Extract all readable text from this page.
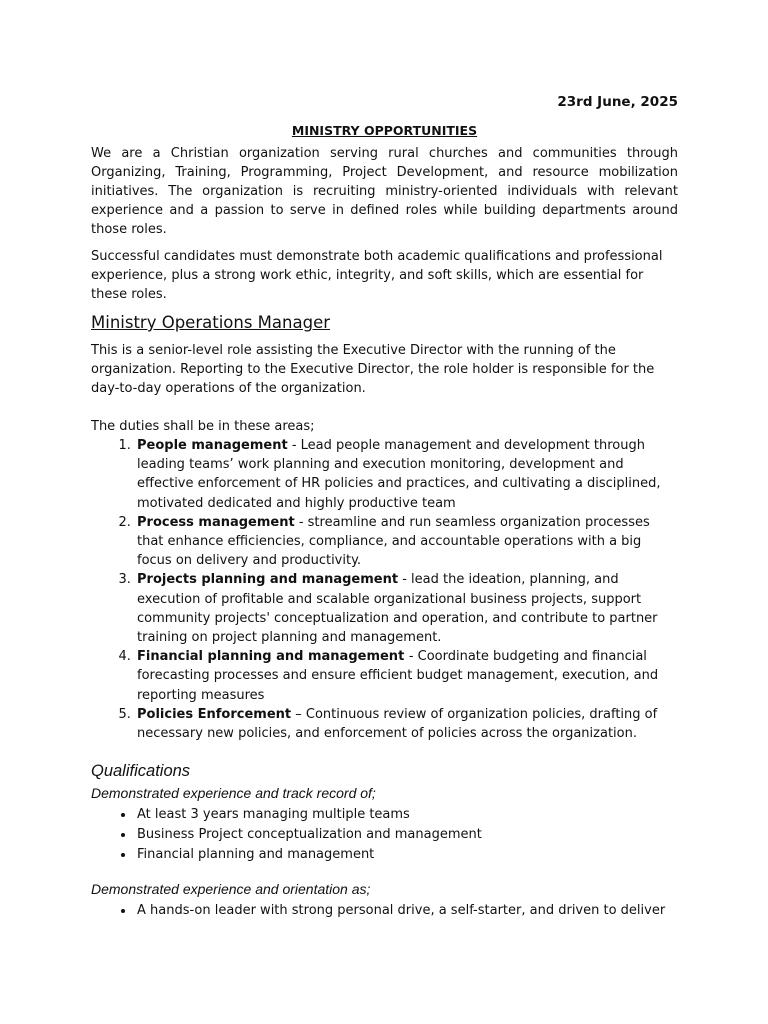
23rd June, 2025
MINISTRY OPPORTUNITIES

We are a Christian organization serving rural churches and communities through Organizing, Training, Programming, Project Development, and resource mobilization initiatives. The organization is recruiting ministry-oriented individuals with relevant experience and a passion to serve in defined roles while building departments around those roles.

Successful candidates must demonstrate both academic qualifications and professional experience, plus a strong work ethic, integrity, and soft skills, which are essential for these roles.

Ministry Operations Manager

This is a senior-level role assisting the Executive Director with the running of the organization. Reporting to the Executive Director, the role holder is responsible for the day-to-day operations of the organization.

The duties shall be in these areas;

1. People management - Lead people management and development through leading teams’ work planning and execution monitoring, development and effective enforcement of HR policies and practices, and cultivating a disciplined, motivated dedicated and highly productive team
2. Process management - streamline and run seamless organization processes that enhance efficiencies, compliance, and accountable operations with a big focus on delivery and productivity.
3. Projects planning and management - lead the ideation, planning, and execution of profitable and scalable organizational business projects, support community projects' conceptualization and operation, and contribute to partner training on project planning and management.
4. Financial planning and management - Coordinate budgeting and financial forecasting processes and ensure efficient budget management, execution, and reporting measures
5. Policies Enforcement – Continuous review of organization policies, drafting of necessary new policies, and enforcement of policies across the organization.
Qualifications
Demonstrated experience and track record of;
• At least 3 years managing multiple teams
• Business Project conceptualization and management
• Financial planning and management
Demonstrated experience and orientation as;
• A hands-on leader with strong personal drive, a self-starter, and driven to deliver
